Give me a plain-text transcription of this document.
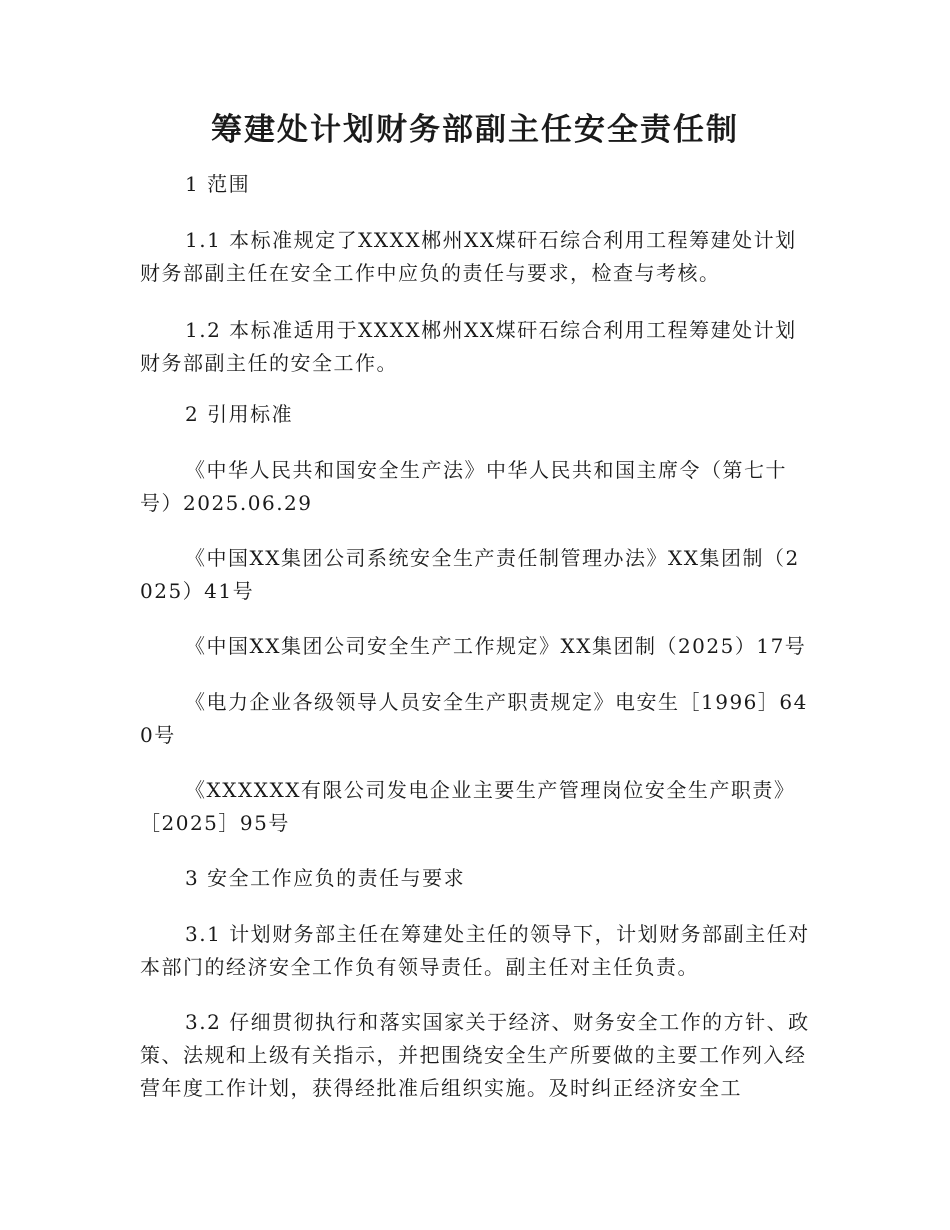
筹建处计划财务部副主任安全责任制

1 范围

1.1 本标准规定了XXXX郴州XX煤矸石综合利用工程筹建处计划财务部副主任在安全工作中应负的责任与要求，检查与考核。

1.2 本标准适用于XXXX郴州XX煤矸石综合利用工程筹建处计划财务部副主任的安全工作。

2 引用标准

《中华人民共和国安全生产法》中华人民共和国主席令（第七十号）2025.06.29

《中国XX集团公司系统安全生产责任制管理办法》XX集团制（2025）41号

《中国XX集团公司安全生产工作规定》XX集团制（2025）17号

《电力企业各级领导人员安全生产职责规定》电安生［1996］640号

《XXXXXX有限公司发电企业主要生产管理岗位安全生产职责》［2025］95号

3 安全工作应负的责任与要求

3.1 计划财务部主任在筹建处主任的领导下，计划财务部副主任对本部门的经济安全工作负有领导责任。副主任对主任负责。

3.2 仔细贯彻执行和落实国家关于经济、财务安全工作的方针、政策、法规和上级有关指示，并把围绕安全生产所要做的主要工作列入经营年度工作计划，获得经批准后组织实施。及时纠正经济安全工
